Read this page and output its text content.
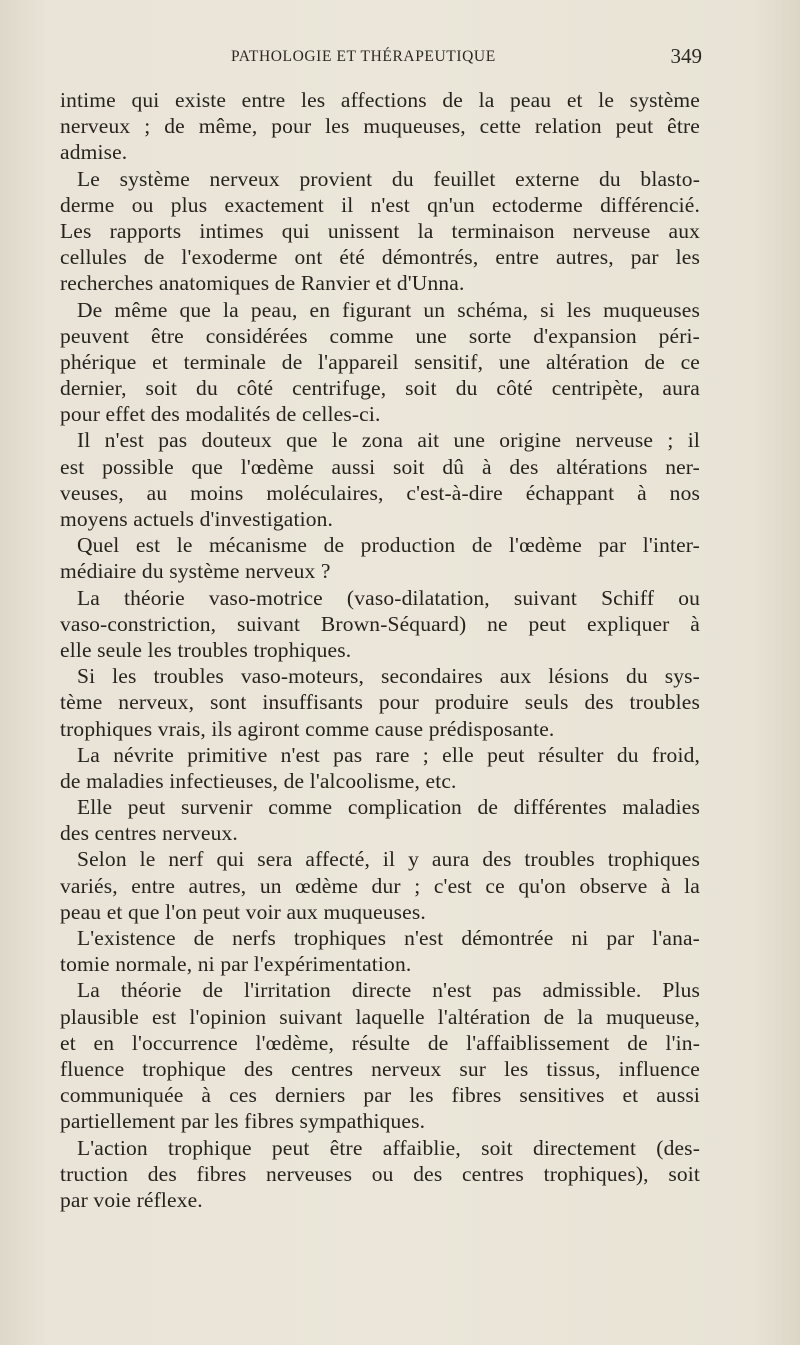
PATHOLOGIE ET THÉRAPEUTIQUE	349
intime qui existe entre les affections de la peau et le système
nerveux ; de même, pour les muqueuses, cette relation peut être
admise.
Le système nerveux provient du feuillet externe du blasto-
derme ou plus exactement il n'est qn'un ectoderme différencié.
Les rapports intimes qui unissent la terminaison nerveuse aux
cellules de l'exoderme ont été démontrés, entre autres, par les
recherches anatomiques de Ranvier et d'Unna.
De même que la peau, en figurant un schéma, si les muqueuses
peuvent être considérées comme une sorte d'expansion péri-
phérique et terminale de l'appareil sensitif, une altération de ce
dernier, soit du côté centrifuge, soit du côté centripète, aura
pour effet des modalités de celles-ci.
Il n'est pas douteux que le zona ait une origine nerveuse ; il
est possible que l'œdème aussi soit dû à des altérations ner-
veuses, au moins moléculaires, c'est-à-dire échappant à nos
moyens actuels d'investigation.
Quel est le mécanisme de production de l'œdème par l'inter-
médiaire du système nerveux ?
La théorie vaso-motrice (vaso-dilatation, suivant Schiff ou
vaso-constriction, suivant Brown-Séquard) ne peut expliquer à
elle seule les troubles trophiques.
Si les troubles vaso-moteurs, secondaires aux lésions du sys-
tème nerveux, sont insuffisants pour produire seuls des troubles
trophiques vrais, ils agiront comme cause prédisposante.
La névrite primitive n'est pas rare ; elle peut résulter du froid,
de maladies infectieuses, de l'alcoolisme, etc.
Elle peut survenir comme complication de différentes maladies
des centres nerveux.
Selon le nerf qui sera affecté, il y aura des troubles trophiques
variés, entre autres, un œdème dur ; c'est ce qu'on observe à la
peau et que l'on peut voir aux muqueuses.
L'existence de nerfs trophiques n'est démontrée ni par l'ana-
tomie normale, ni par l'expérimentation.
La théorie de l'irritation directe n'est pas admissible. Plus
plausible est l'opinion suivant laquelle l'altération de la muqueuse,
et en l'occurrence l'œdème, résulte de l'affaiblissement de l'in-
fluence trophique des centres nerveux sur les tissus, influence
communiquée à ces derniers par les fibres sensitives et aussi
partiellement par les fibres sympathiques.
L'action trophique peut être affaiblie, soit directement (des-
truction des fibres nerveuses ou des centres trophiques), soit
par voie réflexe.
